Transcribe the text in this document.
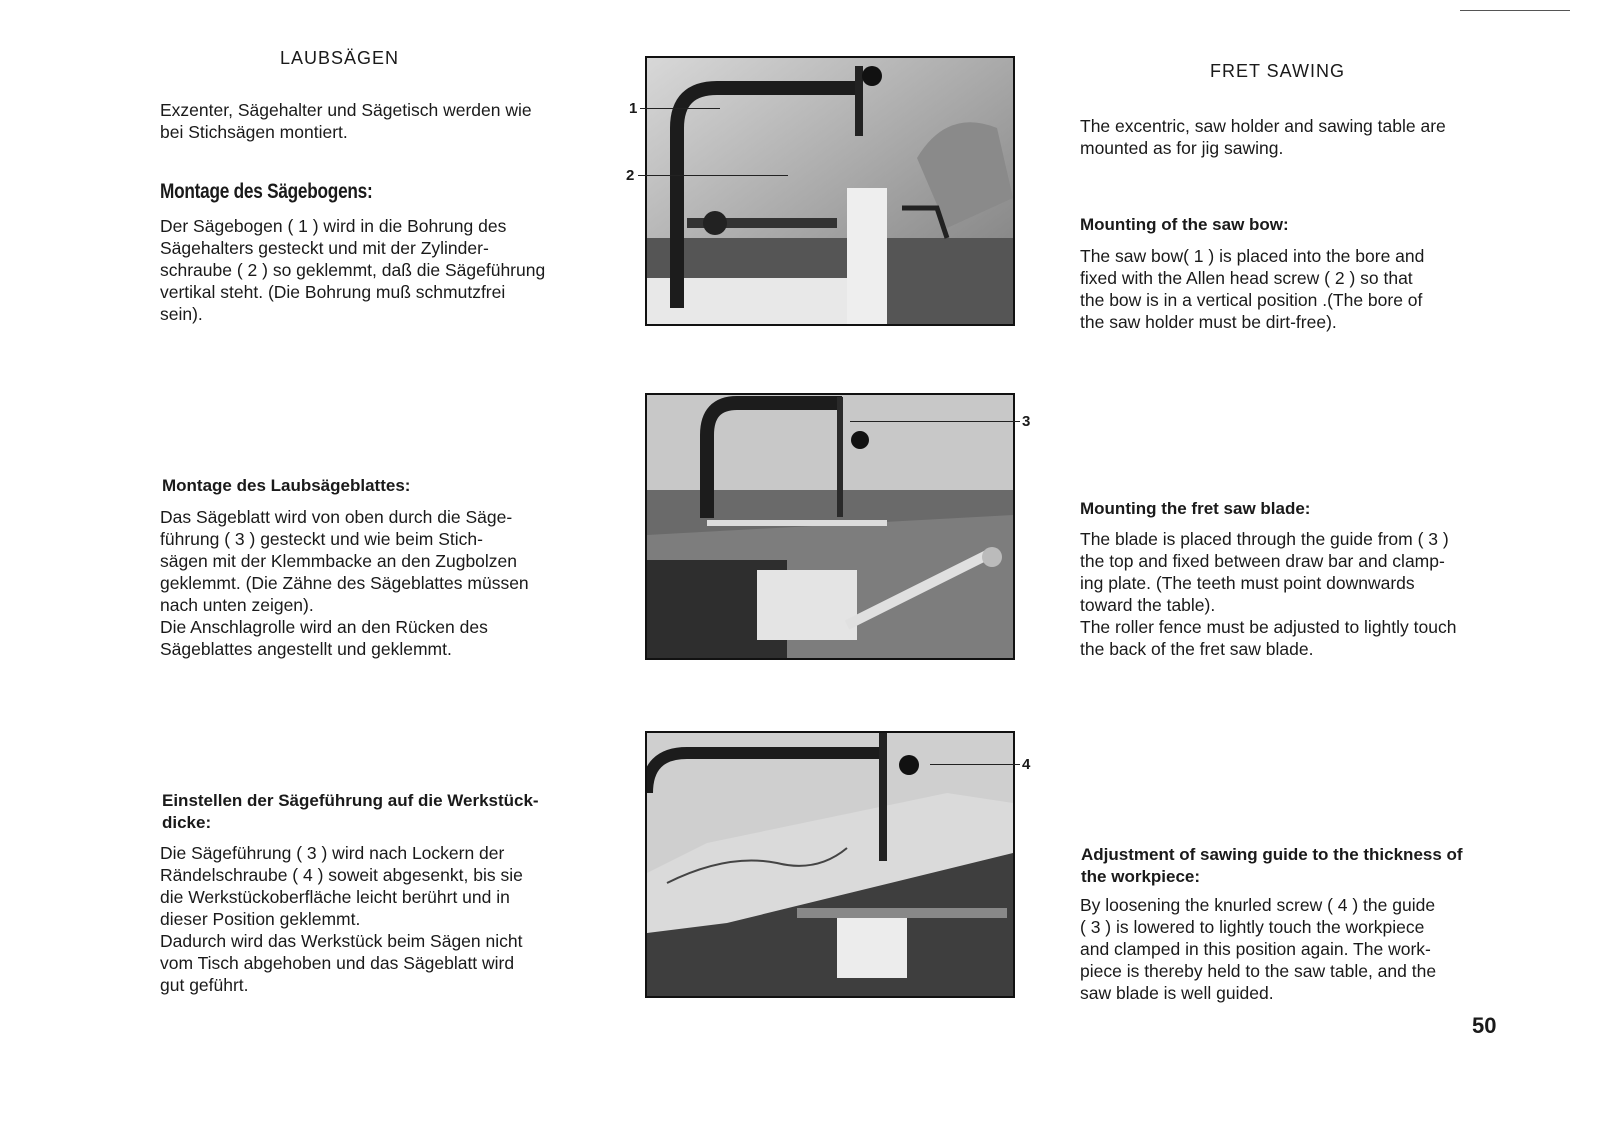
LAUBSÄGEN
Exzenter, Sägehalter und Sägetisch werden wie
bei Stichsägen montiert.
Montage des Sägebogens:
Der Sägebogen ( 1 ) wird in die Bohrung des
Sägehalters gesteckt und mit der Zylinder-
schraube ( 2 ) so geklemmt, daß die Sägeführung
vertikal steht. (Die Bohrung muß schmutzfrei
sein).
Montage des Laubsägeblattes:
Das Sägeblatt wird von oben durch die Säge-
führung ( 3 ) gesteckt und wie beim Stich-
sägen mit der Klemmbacke an den Zugbolzen
geklemmt. (Die Zähne des Sägeblattes müssen
nach unten zeigen).
Die Anschlagrolle wird an den Rücken des
Sägeblattes angestellt und geklemmt.
Einstellen der Sägeführung auf die Werkstück-
dicke:
Die Sägeführung ( 3 ) wird nach Lockern der
Rändelschraube ( 4 ) soweit abgesenkt, bis sie
die Werkstückoberfläche leicht berührt und in
dieser Position geklemmt.
Dadurch wird das Werkstück beim Sägen nicht
vom Tisch abgehoben und das Sägeblatt wird
gut geführt.
1
2
3
4
FRET SAWING
The excentric, saw holder and sawing table are
mounted as for jig sawing.
Mounting of the saw bow:
The saw bow( 1 ) is placed into the bore and
fixed with the Allen head screw ( 2 ) so that
the bow is in a vertical position .(The bore of
the saw holder must be dirt-free).
Mounting the fret saw blade:
The blade is placed through the guide from ( 3 )
the top and fixed between draw bar and clamp-
ing plate. (The teeth must point downwards
toward the table).
The roller fence must be adjusted to lightly touch
the back of the fret saw blade.
Adjustment of sawing guide to the thickness of
the workpiece:
By loosening the knurled screw ( 4 ) the guide
( 3 ) is lowered to lightly touch the workpiece
and clamped in this position again. The work-
piece is thereby held to the saw table, and the
saw blade is well guided.
50
